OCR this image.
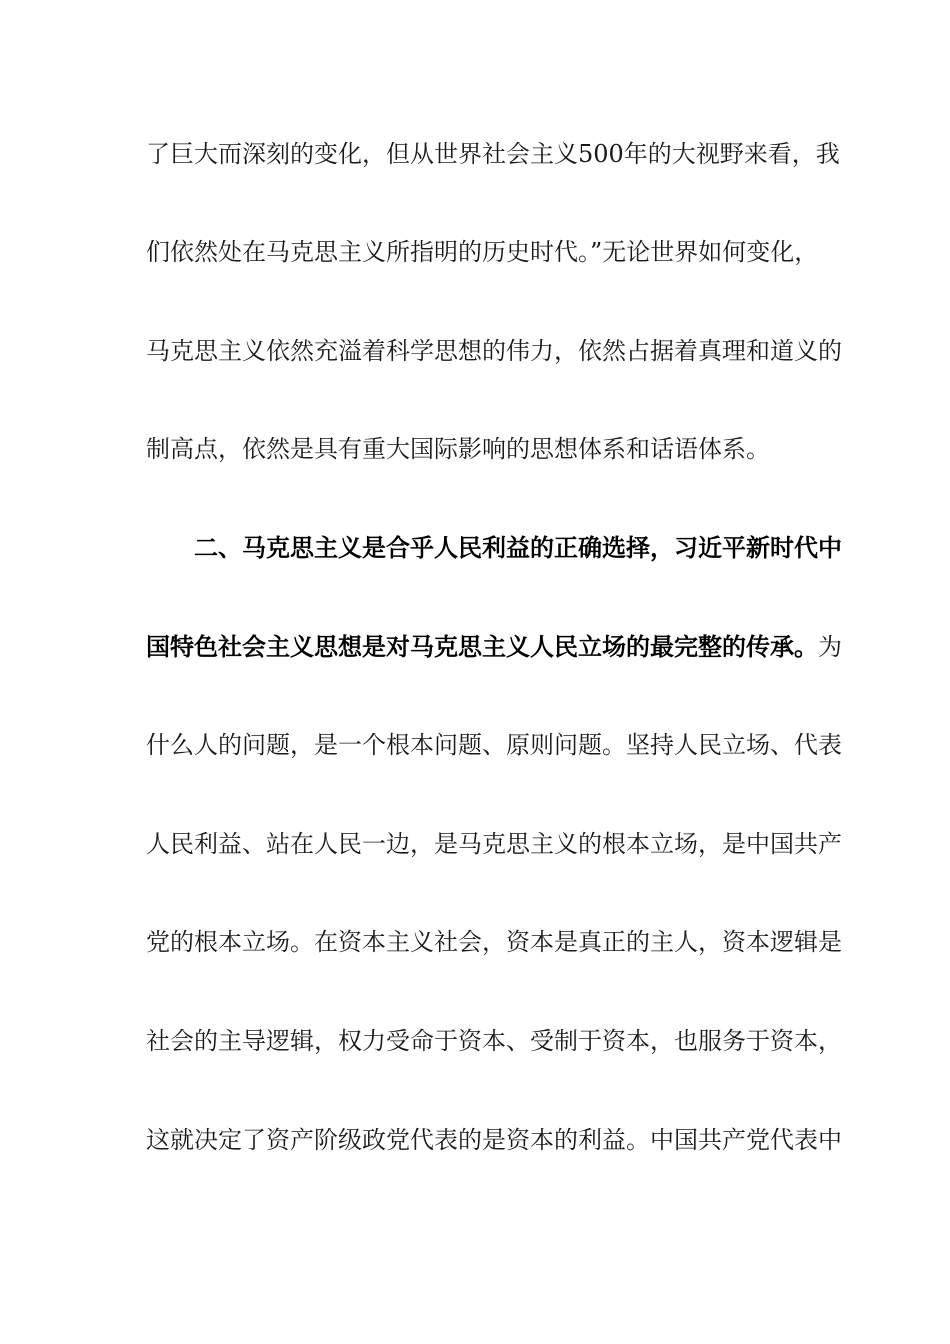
了巨大而深刻的变化，但从世界社会主义500年的大视野来看，我
们依然处在马克思主义所指明的历史时代。”无论世界如何变化，
马克思主义依然充溢着科学思想的伟力，依然占据着真理和道义的
制高点，依然是具有重大国际影响的思想体系和话语体系。
二、马克思主义是合乎人民利益的正确选择，习近平新时代中
国特色社会主义思想是对马克思主义人民立场的最完整的传承。为
什么人的问题，是一个根本问题、原则问题。坚持人民立场、代表
人民利益、站在人民一边，是马克思主义的根本立场，是中国共产
党的根本立场。在资本主义社会，资本是真正的主人，资本逻辑是
社会的主导逻辑，权力受命于资本、受制于资本，也服务于资本，
这就决定了资产阶级政党代表的是资本的利益。中国共产党代表中
